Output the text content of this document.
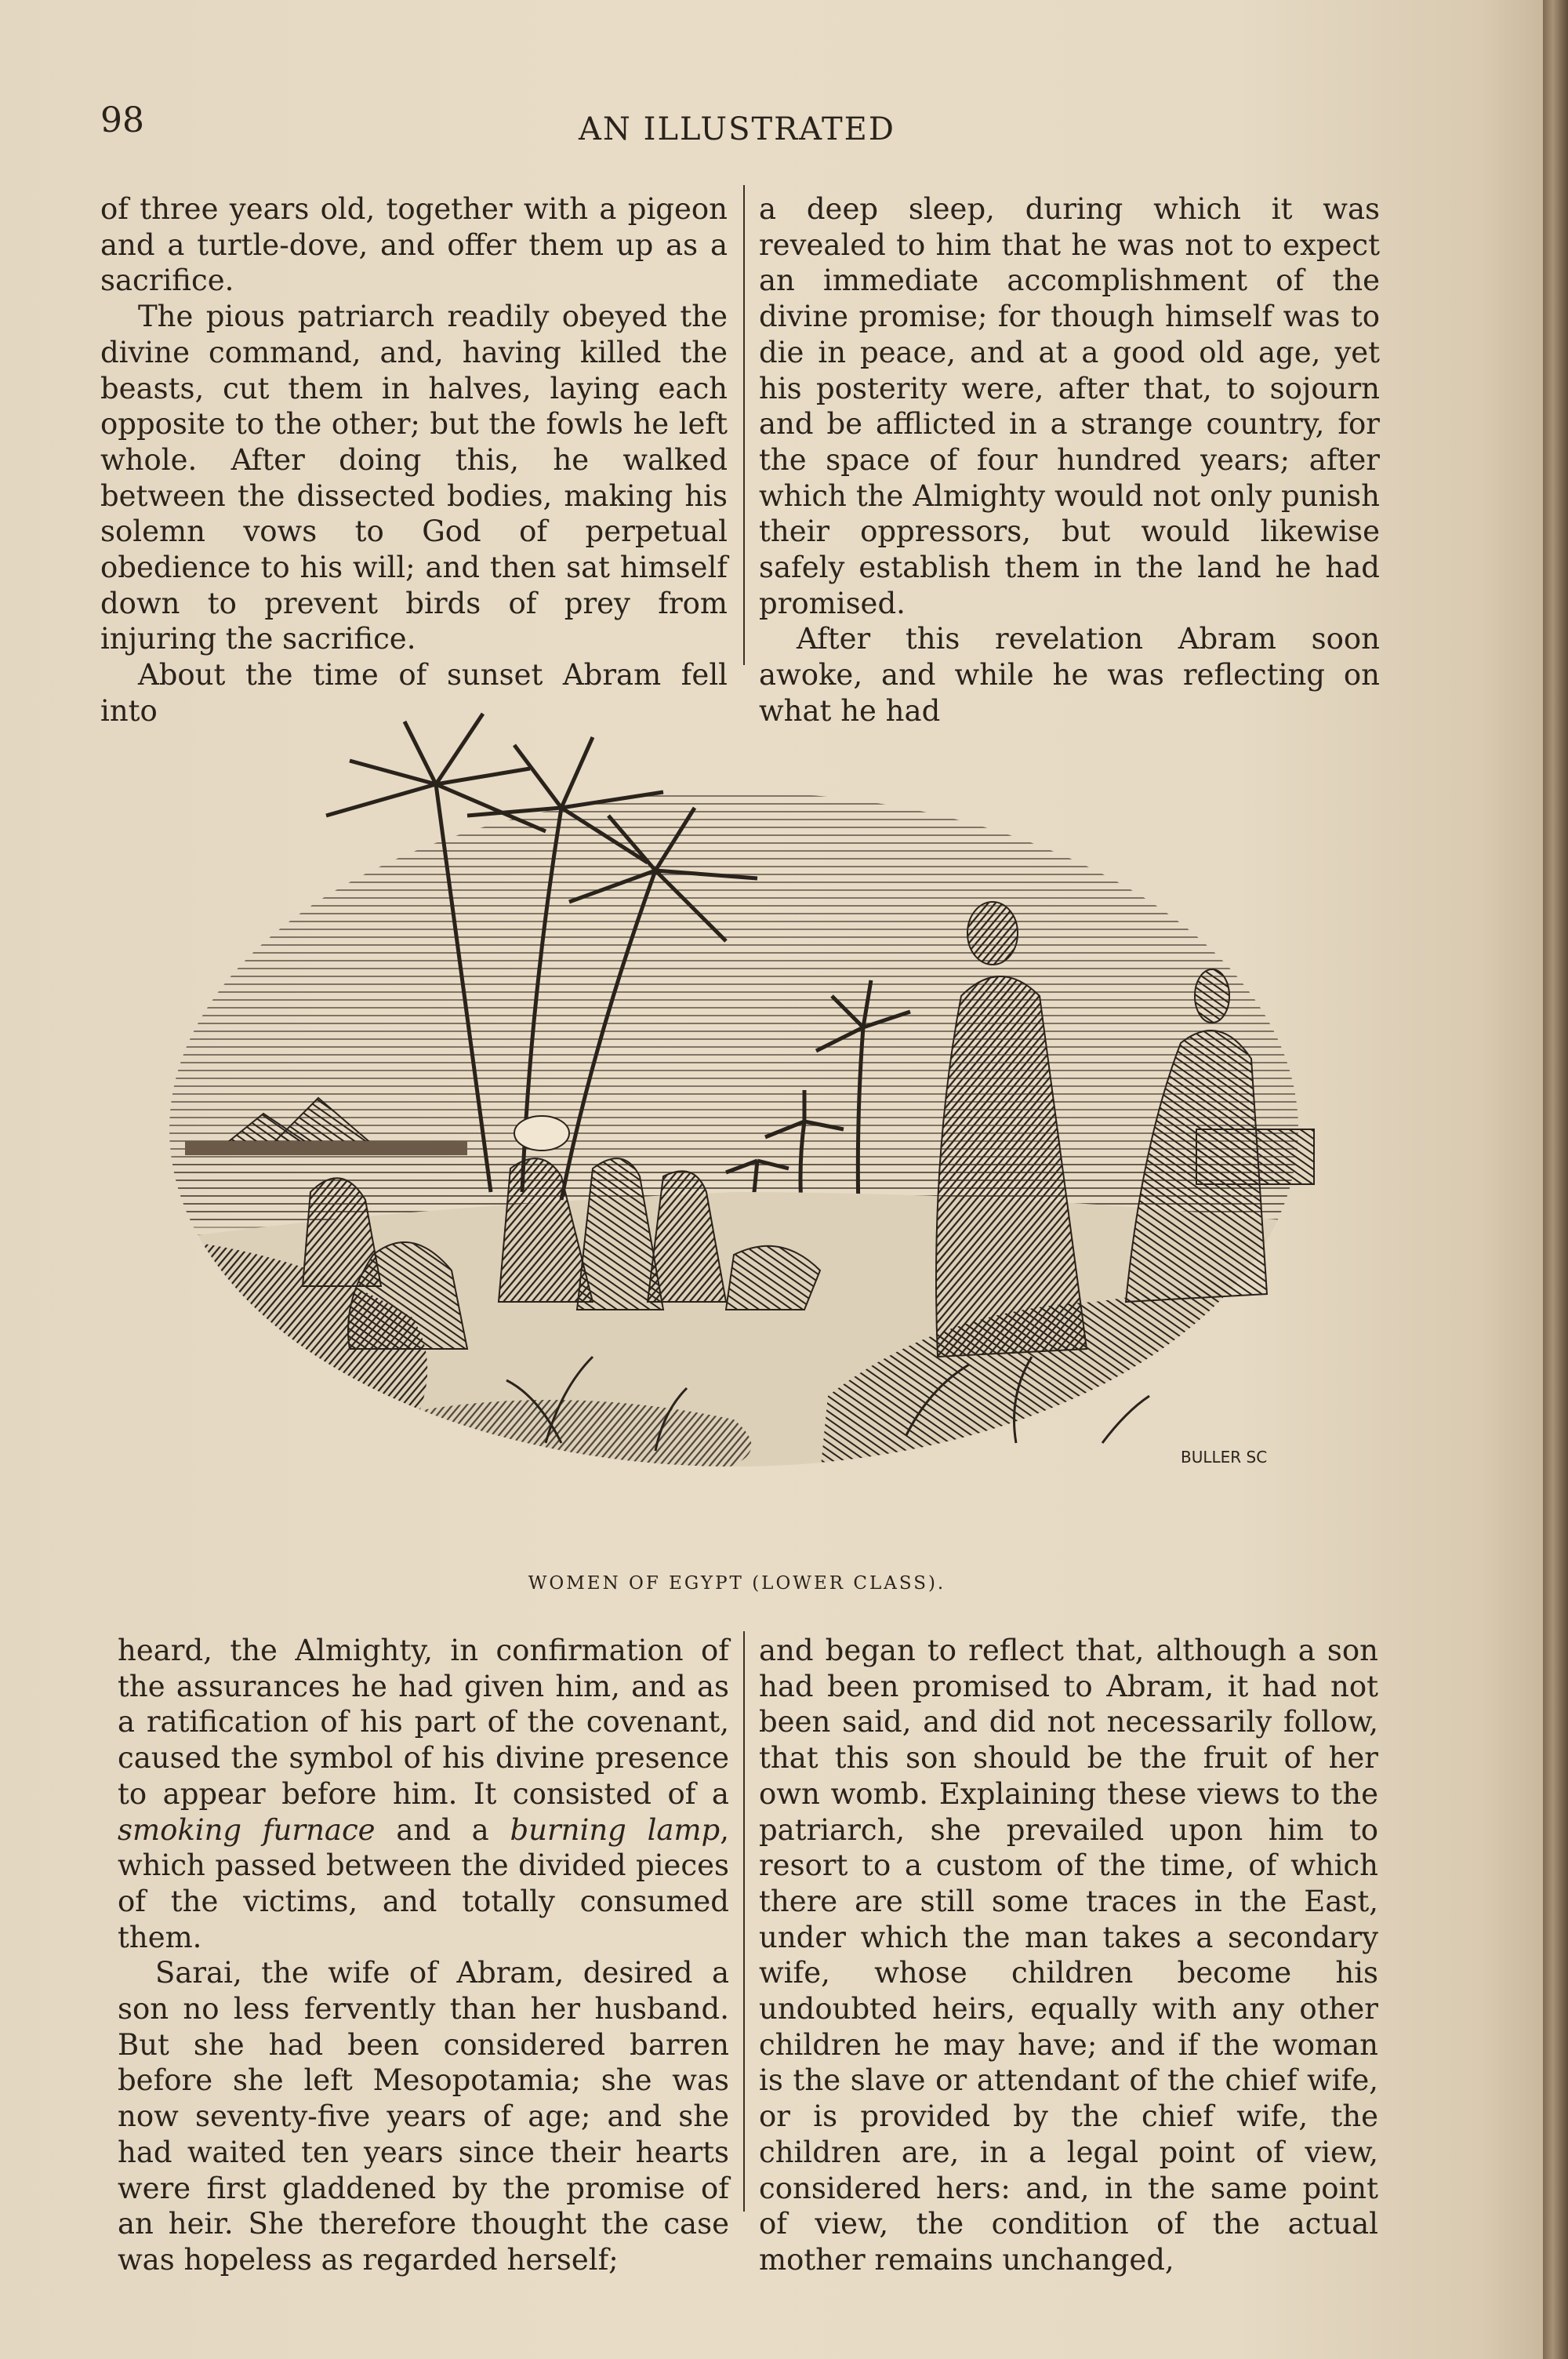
98	AN ILLUSTRATED

of three years old, together with a pigeon and a turtle-dove, and offer them up as a sacrifice.

The pious patriarch readily obeyed the divine command, and, having killed the beasts, cut them in halves, laying each opposite to the other; but the fowls he left whole. After doing this, he walked between the dissected bodies, making his solemn vows to God of perpetual obedience to his will; and then sat himself down to prevent birds of prey from injuring the sacrifice.

About the time of sunset Abram fell into

a deep sleep, during which it was revealed to him that he was not to expect an immediate accomplishment of the divine promise; for though himself was to die in peace, and at a good old age, yet his posterity were, after that, to sojourn and be afflicted in a strange country, for the space of four hundred years; after which the Almighty would not only punish their oppressors, but would likewise safely establish them in the land he had promised.

After this revelation Abram soon awoke, and while he was reflecting on what he had

BULLER SC
WOMEN OF EGYPT (LOWER CLASS).

heard, the Almighty, in confirmation of the assurances he had given him, and as a ratification of his part of the covenant, caused the symbol of his divine presence to appear before him. It consisted of a smoking furnace and a burning lamp, which passed between the divided pieces of the victims, and totally consumed them.

Sarai, the wife of Abram, desired a son no less fervently than her husband. But she had been considered barren before she left Mesopotamia; she was now seventy-five years of age; and she had waited ten years since their hearts were first gladdened by the promise of an heir. She therefore thought the case was hopeless as regarded herself;

and began to reflect that, although a son had been promised to Abram, it had not been said, and did not necessarily follow, that this son should be the fruit of her own womb. Explaining these views to the patriarch, she prevailed upon him to resort to a custom of the time, of which there are still some traces in the East, under which the man takes a secondary wife, whose children become his undoubted heirs, equally with any other children he may have; and if the woman is the slave or attendant of the chief wife, or is provided by the chief wife, the children are, in a legal point of view, considered hers: and, in the same point of view, the condition of the actual mother remains unchanged,
